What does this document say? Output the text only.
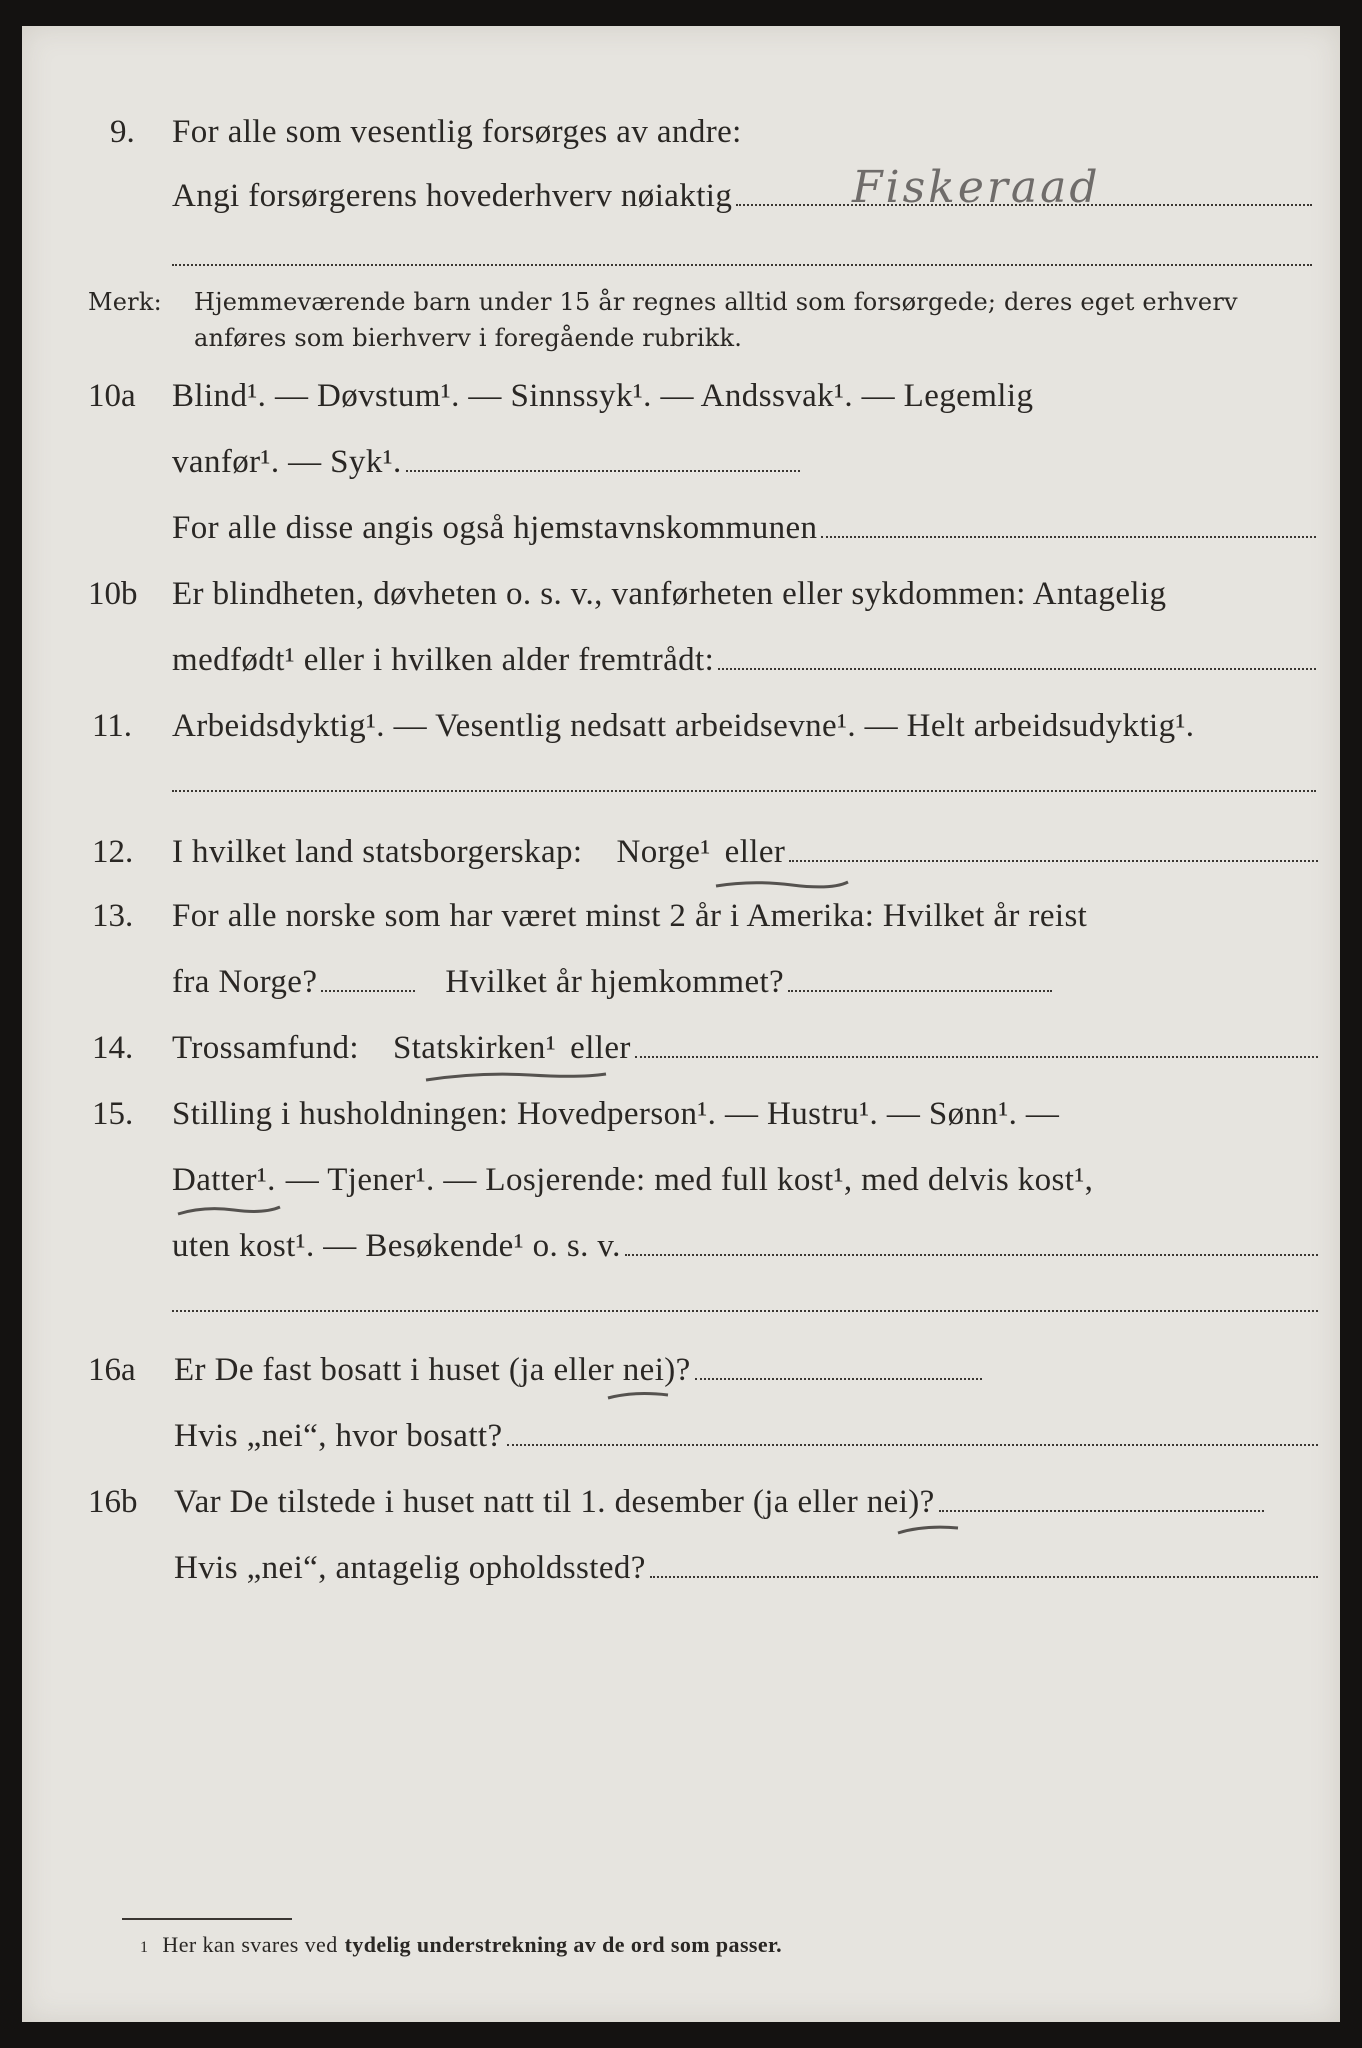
9. For alle som vesentlig forsørges av andre:
Angi forsørgerens hovederhverv nøiaktig	Fiskeraad
Merk: Hjemmeværende barn under 15 år regnes alltid som forsørgede; deres eget erhverv
anføres som bierhverv i foregående rubrikk.
10a Blind¹. — Døvstum¹. — Sinnssyk¹. — Andssvak¹. — Legemlig
vanfør¹. — Syk¹.
For alle disse angis også hjemstavnskommunen
10b Er blindheten, døvheten o. s. v., vanførheten eller sykdommen: Antagelig
medfødt¹ eller i hvilken alder fremtrådt:
11. Arbeidsdyktig¹. — Vesentlig nedsatt arbeidsevne¹. — Helt arbeidsudyktig¹.
12. I hvilket land statsborgerskap: Norge¹ eller
13. For alle norske som har været minst 2 år i Amerika: Hvilket år reist
fra Norge?	Hvilket år hjemkommet?
14. Trossamfund: Statskirken¹ eller
15. Stilling i husholdningen: Hovedperson¹. — Hustru¹. — Sønn¹. —
Datter¹. — Tjener¹. — Losjerende: med full kost¹, med delvis kost¹,
uten kost¹. — Besøkende¹ o. s. v.
16a Er De fast bosatt i huset (ja eller nei)?
Hvis „nei“, hvor bosatt?
16b Var De tilstede i huset natt til 1. desember (ja eller nei)?
Hvis „nei“, antagelig opholdssted?
1 Her kan svares ved tydelig understrekning av de ord som passer.
